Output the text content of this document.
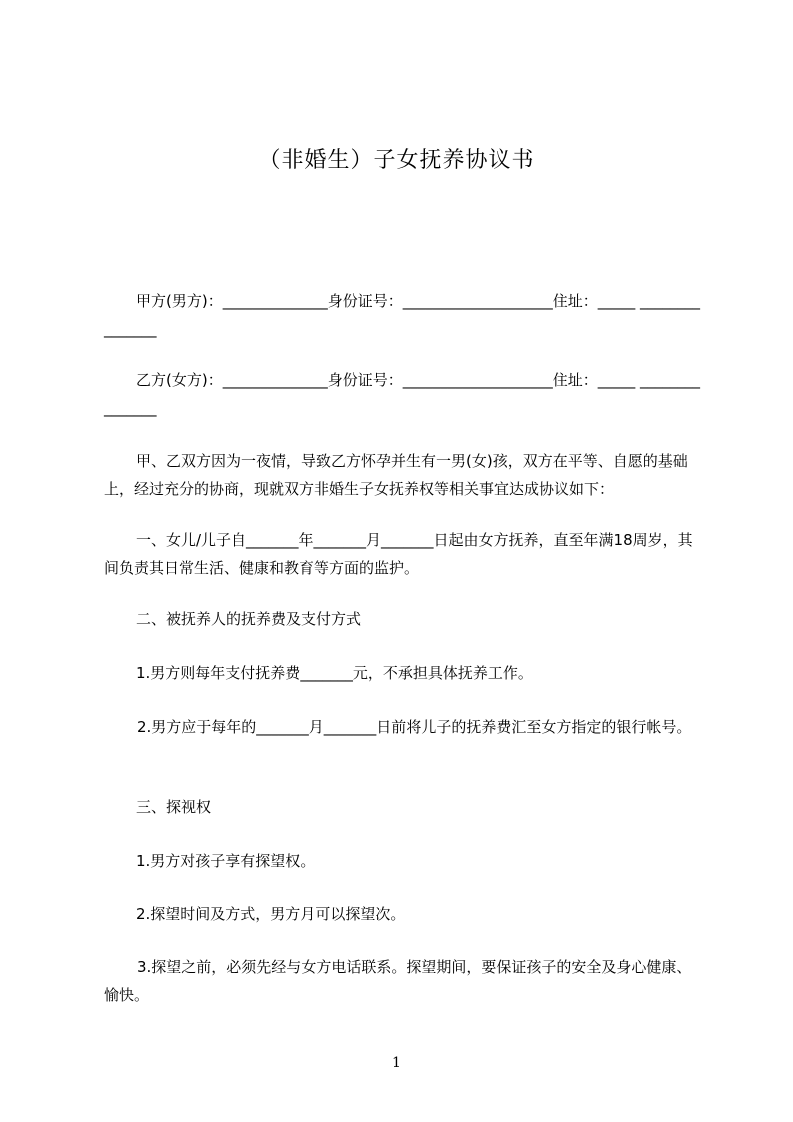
（非婚生）子女抚养协议书

甲方(男方)：______________身份证号：____________________住址：_____ _______________

乙方(女方)：______________身份证号：____________________住址：_____ _______________

甲、乙双方因为一夜情，导致乙方怀孕并生有一男(女)孩，双方在平等、自愿的基础上，经过充分的协商，现就双方非婚生子女抚养权等相关事宜达成协议如下：

一、女儿/儿子自_______年_______月_______日起由女方抚养，直至年满18周岁，其间负责其日常生活、健康和教育等方面的监护。

二、被抚养人的抚养费及支付方式

1.男方则每年支付抚养费_______元，不承担具体抚养工作。

2.男方应于每年的_______月_______日前将儿子的抚养费汇至女方指定的银行帐号。

三、探视权

1.男方对孩子享有探望权。

2.探望时间及方式，男方月可以探望次。

3.探望之前，必须先经与女方电话联系。探望期间，要保证孩子的安全及身心健康、愉快。

1
